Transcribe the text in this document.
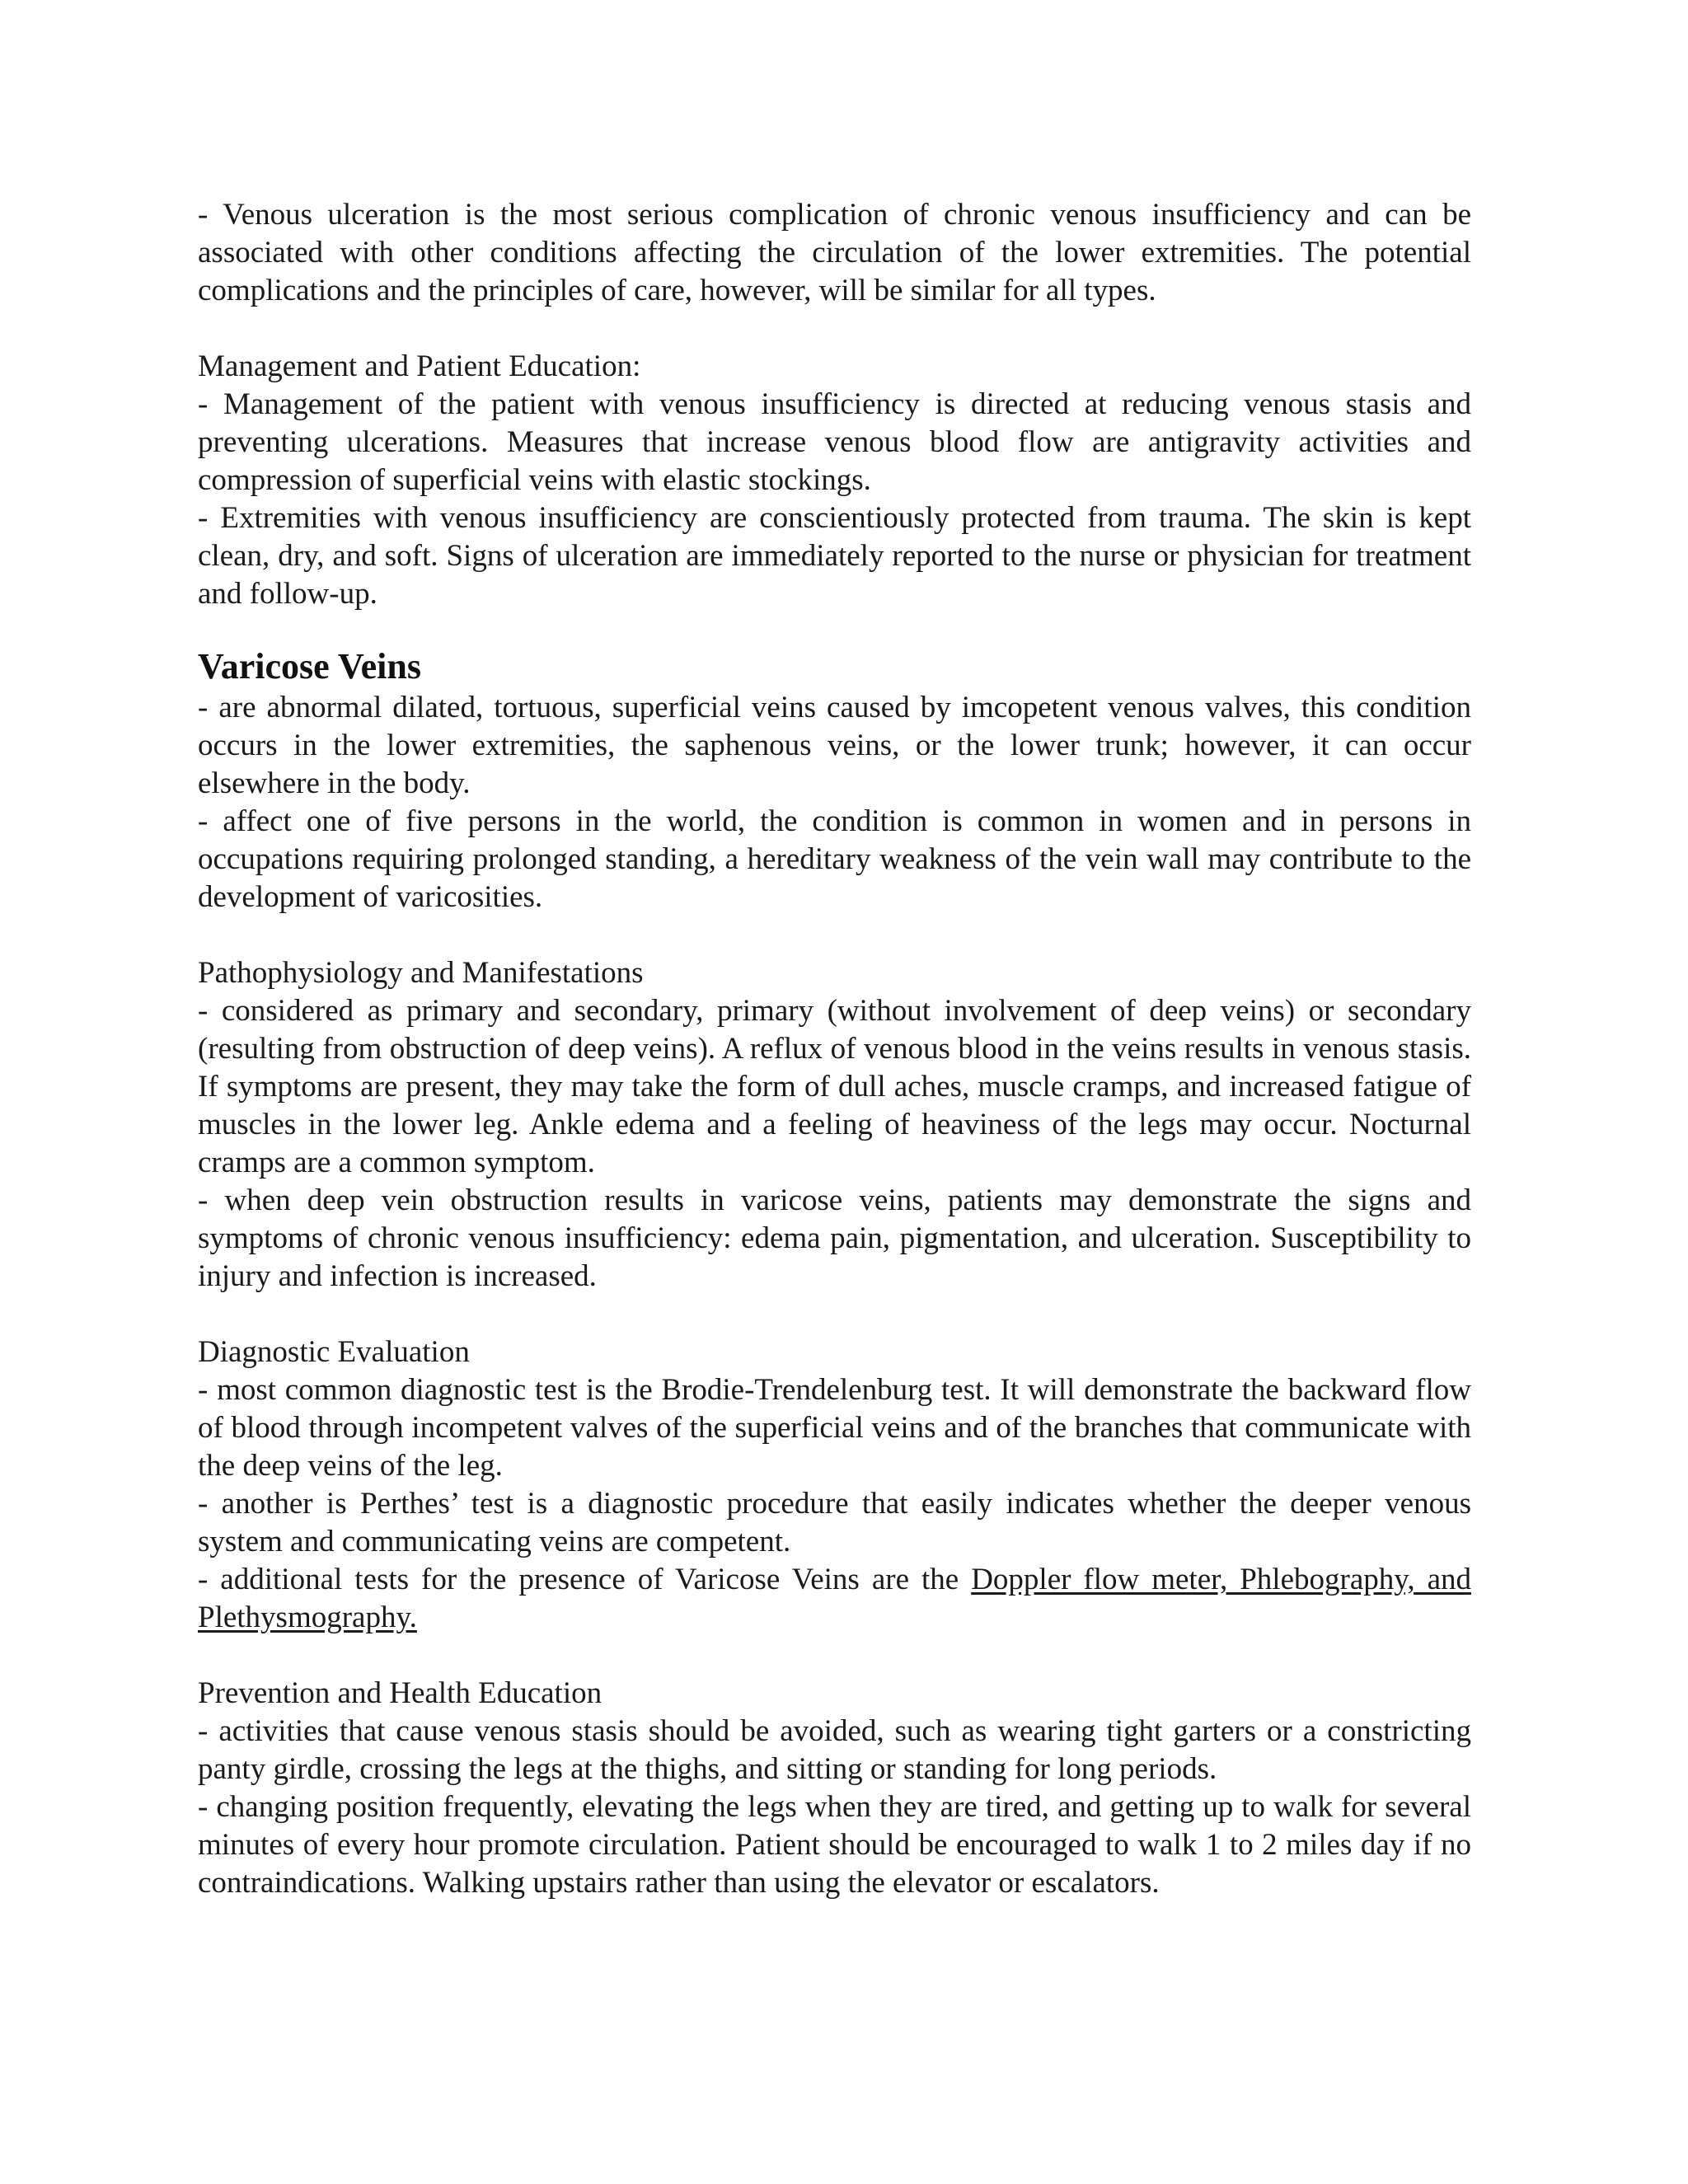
- Venous ulceration is the most serious complication of chronic venous insufficiency and can be associated with other conditions affecting the circulation of the lower extremities. The potential complications and the principles of care, however, will be similar for all types.

Management and Patient Education:

- Management of the patient with venous insufficiency is directed at reducing venous stasis and preventing ulcerations. Measures that increase venous blood flow are antigravity activities and compression of superficial veins with elastic stockings.

- Extremities with venous insufficiency are conscientiously protected from trauma. The skin is kept clean, dry, and soft. Signs of ulceration are immediately reported to the nurse or physician for treatment and follow-up.

Varicose Veins

- are abnormal dilated, tortuous, superficial veins caused by imcopetent venous valves, this condition occurs in the lower extremities, the saphenous veins, or the lower trunk; however, it can occur elsewhere in the body.

- affect one of five persons in the world, the condition is common in women and in persons in occupations requiring prolonged standing, a hereditary weakness of the vein wall may contribute to the development of varicosities.

Pathophysiology and Manifestations

- considered as primary and secondary, primary (without involvement of deep veins) or secondary (resulting from obstruction of deep veins). A reflux of venous blood in the veins results in venous stasis. If symptoms are present, they may take the form of dull aches, muscle cramps, and increased fatigue of muscles in the lower leg. Ankle edema and a feeling of heaviness of the legs may occur. Nocturnal cramps are a common symptom.

- when deep vein obstruction results in varicose veins, patients may demonstrate the signs and symptoms of chronic venous insufficiency: edema pain, pigmentation, and ulceration. Susceptibility to injury and infection is increased.

Diagnostic Evaluation

- most common diagnostic test is the Brodie-Trendelenburg test. It will demonstrate the backward flow of blood through incompetent valves of the superficial veins and of the branches that communicate with the deep veins of the leg.

- another is Perthes’ test is a diagnostic procedure that easily indicates whether the deeper venous system and communicating veins are competent.

- additional tests for the presence of Varicose Veins are the Doppler flow meter, Phlebography, and Plethysmography.

Prevention and Health Education

- activities that cause venous stasis should be avoided, such as wearing tight garters or a constricting panty girdle, crossing the legs at the thighs, and sitting or standing for long periods.

- changing position frequently, elevating the legs when they are tired, and getting up to walk for several minutes of every hour promote circulation. Patient should be encouraged to walk 1 to 2 miles day if no contraindications. Walking upstairs rather than using the elevator or escalators.
